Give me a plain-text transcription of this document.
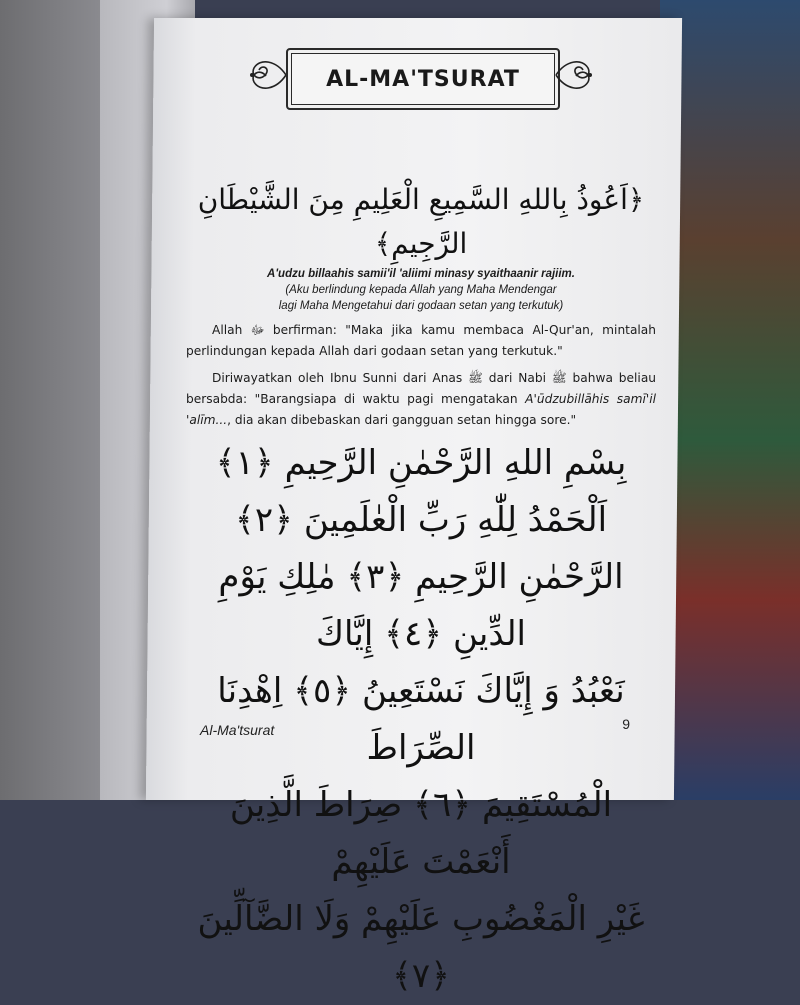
AL-MA'TSURAT
﴿اَعُوذُ بِاللهِ السَّمِيعِ الْعَلِيمِ مِنَ الشَّيْطَانِ الرَّجِيمِ﴾
A'udzu billaahis samii'il 'aliimi minasy syaithaanir rajiim.
(Aku berlindung kepada Allah yang Maha Mendengar
lagi Maha Mengetahui dari godaan setan yang terkutuk)
Allah ﷻ berfirman: "Maka jika kamu membaca Al-Qur'an, mintalah perlindungan kepada Allah dari godaan setan yang terkutuk."
Diriwayatkan oleh Ibnu Sunni dari Anas ﷺ dari Nabi ﷺ bahwa beliau bersabda: "Barangsiapa di waktu pagi mengatakan A'ūdzubillāhis samī'il 'alīm..., dia akan dibebaskan dari gangguan setan hingga sore."
بِسْمِ اللهِ الرَّحْمٰنِ الرَّحِيمِ ﴿١﴾ اَلْحَمْدُ لِلّٰهِ رَبِّ الْعٰلَمِينَ ﴿٢﴾
الرَّحْمٰنِ الرَّحِيمِ ﴿٣﴾ مٰلِكِ يَوْمِ الدِّينِ ﴿٤﴾ إِيَّاكَ
نَعْبُدُ وَ إِيَّاكَ نَسْتَعِينُ ﴿٥﴾ اِهْدِنَا الصِّرَاطَ
الْمُسْتَقِيمَ ﴿٦﴾ صِرَاطَ الَّذِينَ أَنْعَمْتَ عَلَيْهِمْ
غَيْرِ الْمَغْضُوبِ عَلَيْهِمْ وَلَا الضَّآلِّينَ ﴿٧﴾
Al-Ma'tsurat	9
